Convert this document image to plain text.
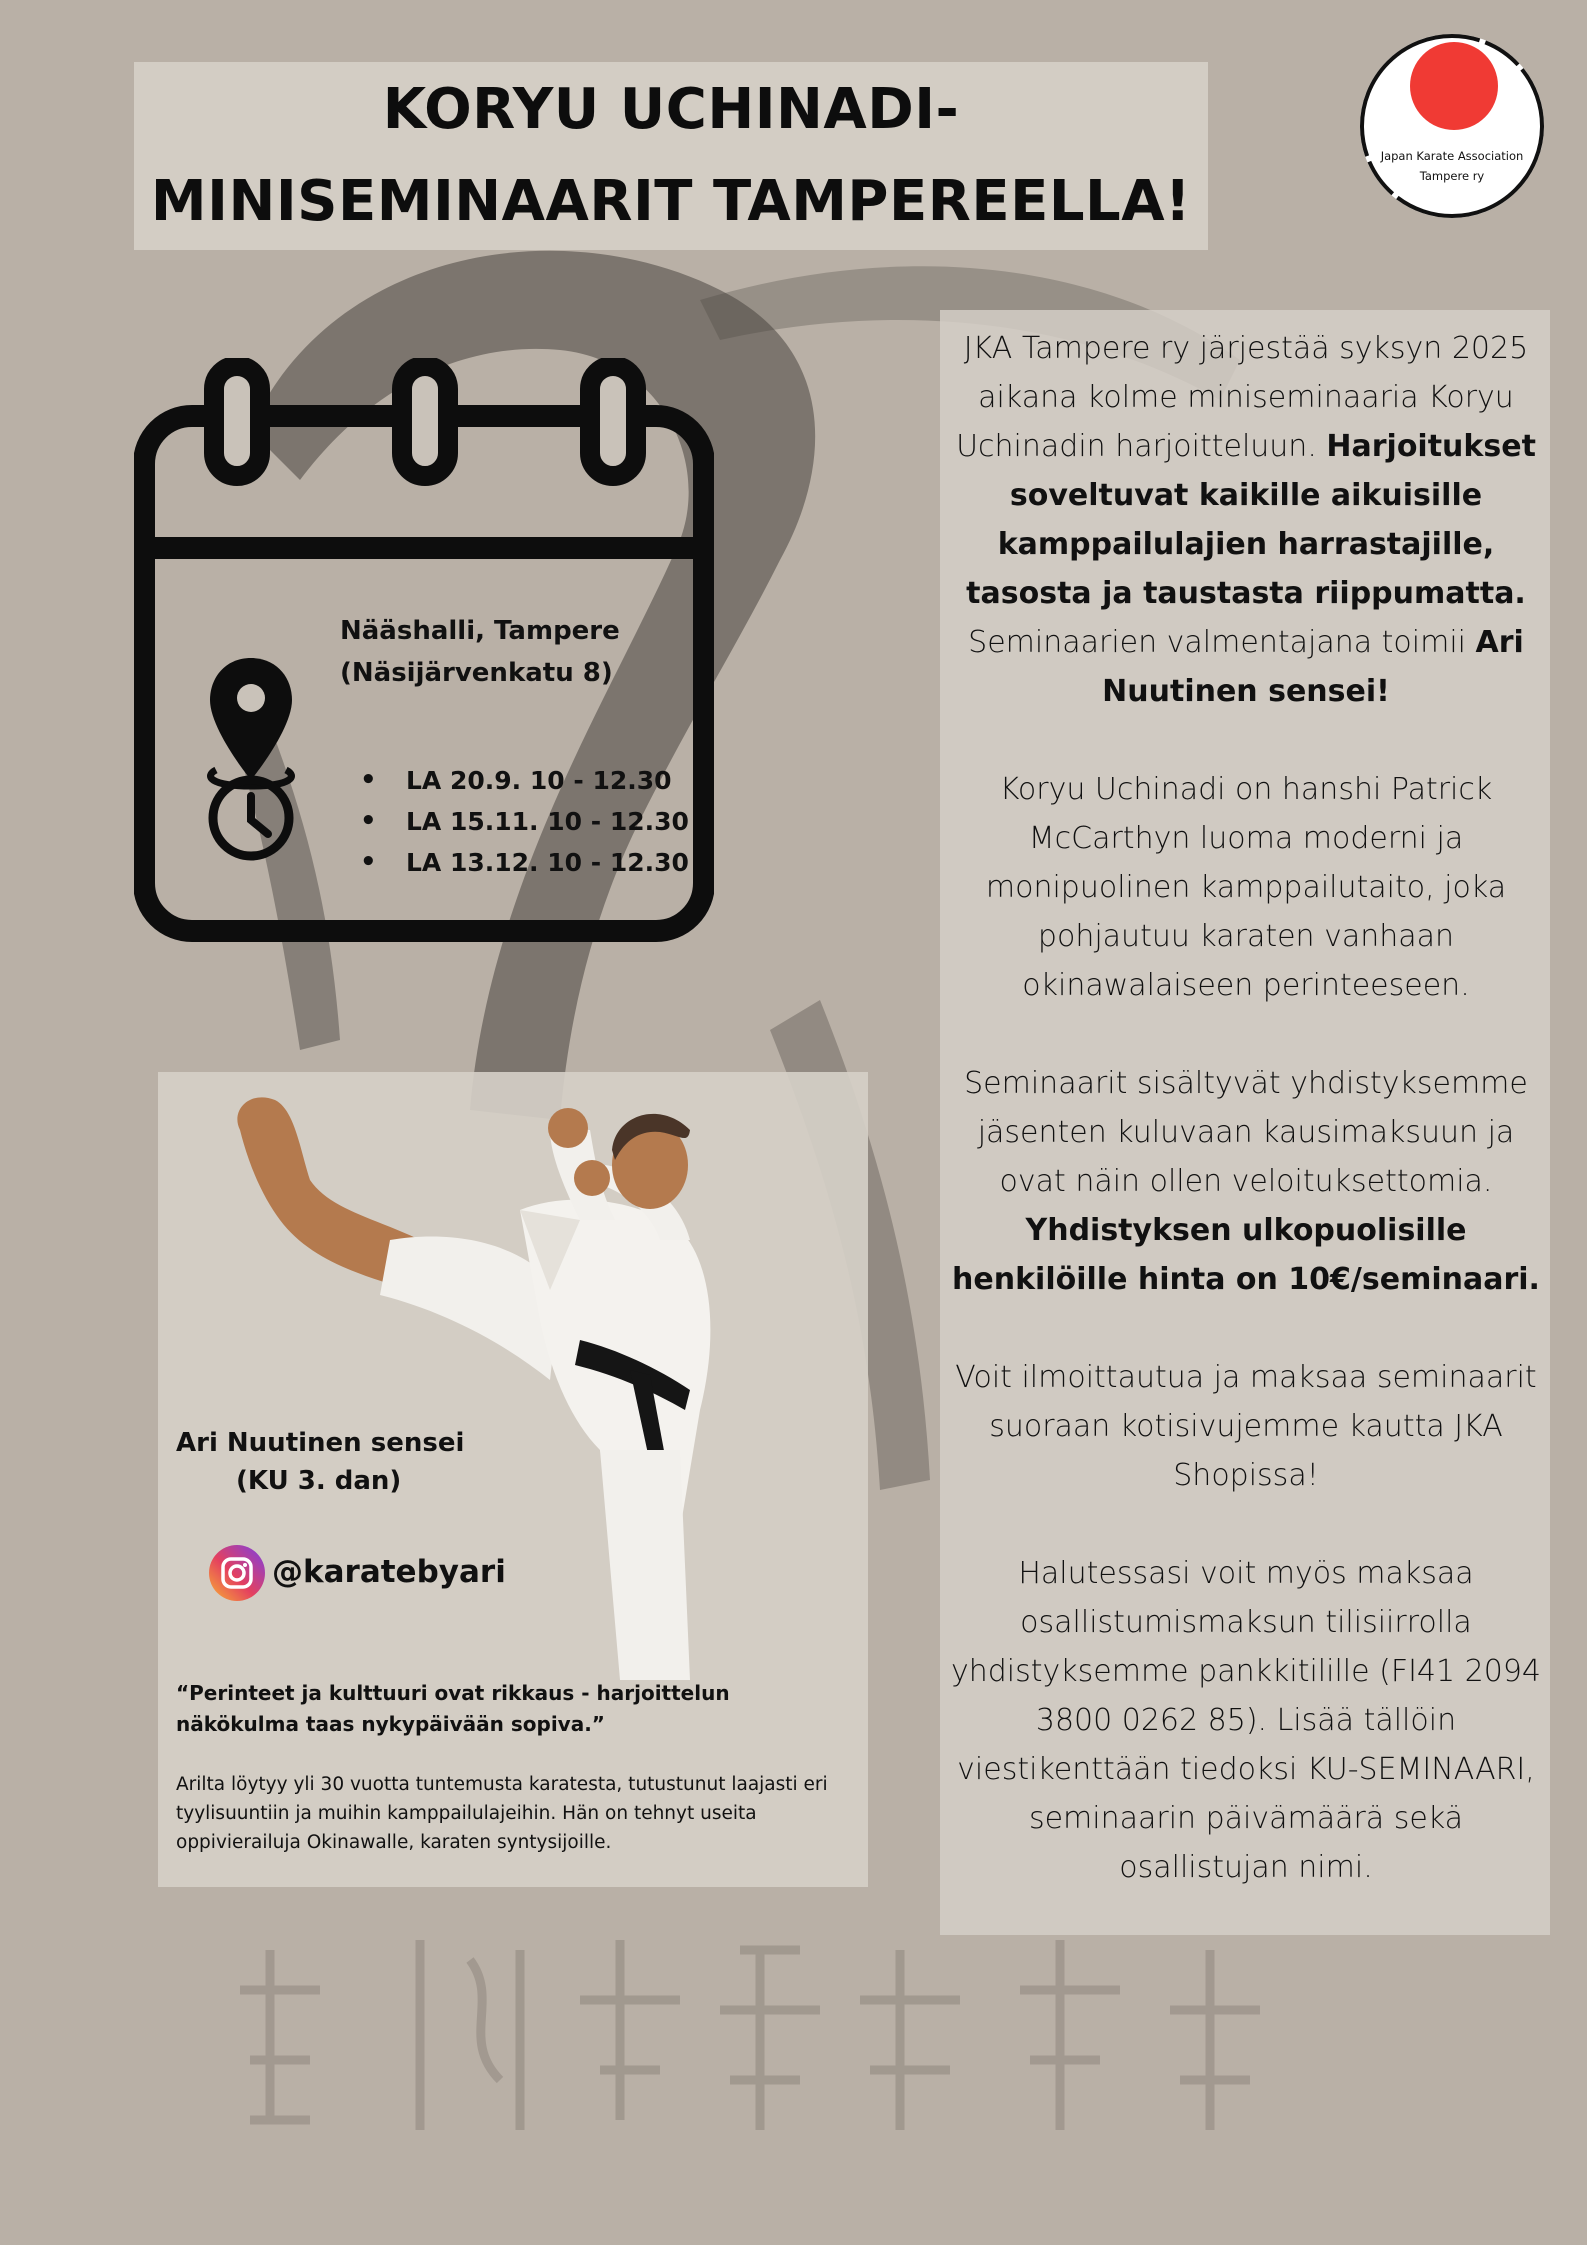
KORYU UCHINADI-
MINISEMINAARIT TAMPEREELLA!
Japan Karate Association
Tampere ry
Nääshalli, Tampere
(Näsijärvenkatu 8)
• LA 20.9. 10 - 12.30
• LA 15.11. 10 - 12.30
• LA 13.12. 10 - 12.30
Ari Nuutinen sensei
(KU 3. dan)
@karatebyari
“Perinteet ja kulttuuri ovat rikkaus - harjoittelun näkökulma taas nykypäivään sopiva.”
Arilta löytyy yli 30 vuotta tuntemusta karatesta, tutustunut laajasti eri tyylisuuntiin ja muihin kamppailulajeihin. Hän on tehnyt useita oppivierailuja Okinawalle, karaten syntysijoille.

JKA Tampere ry järjestää syksyn 2025 aikana kolme miniseminaaria Koryu Uchinadin harjoitteluun. Harjoitukset soveltuvat kaikille aikuisille kamppailulajien harrastajille, tasosta ja taustasta riippumatta. Seminaarien valmentajana toimii Ari Nuutinen sensei!

Koryu Uchinadi on hanshi Patrick McCarthyn luoma moderni ja monipuolinen kamppailutaito, joka pohjautuu karaten vanhaan okinawalaiseen perinteeseen.

Seminaarit sisältyvät yhdistyksemme jäsenten kuluvaan kausimaksuun ja ovat näin ollen veloituksettomia. Yhdistyksen ulkopuolisille henkilöille hinta on 10€/seminaari.

Voit ilmoittautua ja maksaa seminaarit suoraan kotisivujemme kautta JKA Shopissa!

Halutessasi voit myös maksaa osallistumismaksun tilisiirrolla yhdistyksemme pankkitilille (FI41 2094 3800 0262 85). Lisää tällöin viestikenttään tiedoksi KU-SEMINAARI, seminaarin päivämäärä sekä osallistujan nimi.
